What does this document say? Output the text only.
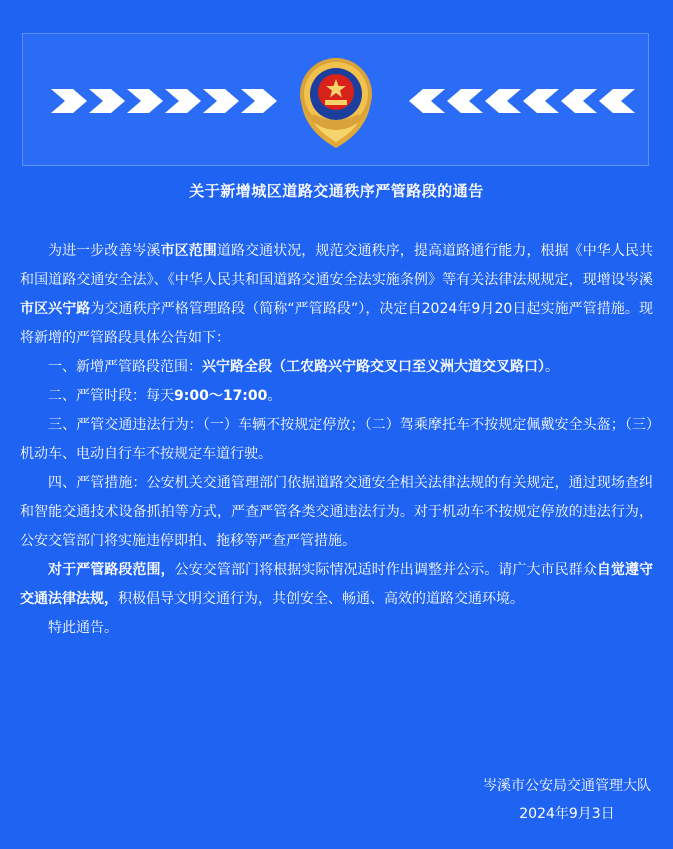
关于新增城区道路交通秩序严管路段的通告

为进一步改善岑溪市区范围道路交通状况，规范交通秩序，提高道路通行能力，根据《中华人民共和国道路交通安全法》、《中华人民共和国道路交通安全法实施条例》等有关法律法规规定，现增设岑溪市区兴宁路为交通秩序严格管理路段（简称“严管路段”），决定自2024年9月20日起实施严管措施。现将新增的严管路段具体公告如下：

一、新增严管路段范围：兴宁路全段（工农路兴宁路交叉口至义洲大道交叉路口）。

二、严管时段：每天9:00～17:00。

三、严管交通违法行为：（一）车辆不按规定停放；（二）驾乘摩托车不按规定佩戴安全头盔；（三）机动车、电动自行车不按规定车道行驶。

四、严管措施：公安机关交通管理部门依据道路交通安全相关法律法规的有关规定，通过现场查纠和智能交通技术设备抓拍等方式，严查严管各类交通违法行为。对于机动车不按规定停放的违法行为，公安交管部门将实施违停即拍、拖移等严查严管措施。

对于严管路段范围，公安交管部门将根据实际情况适时作出调整并公示。请广大市民群众自觉遵守交通法律法规，积极倡导文明交通行为，共创安全、畅通、高效的道路交通环境。

特此通告。

岑溪市公安局交通管理大队
2024年9月3日
